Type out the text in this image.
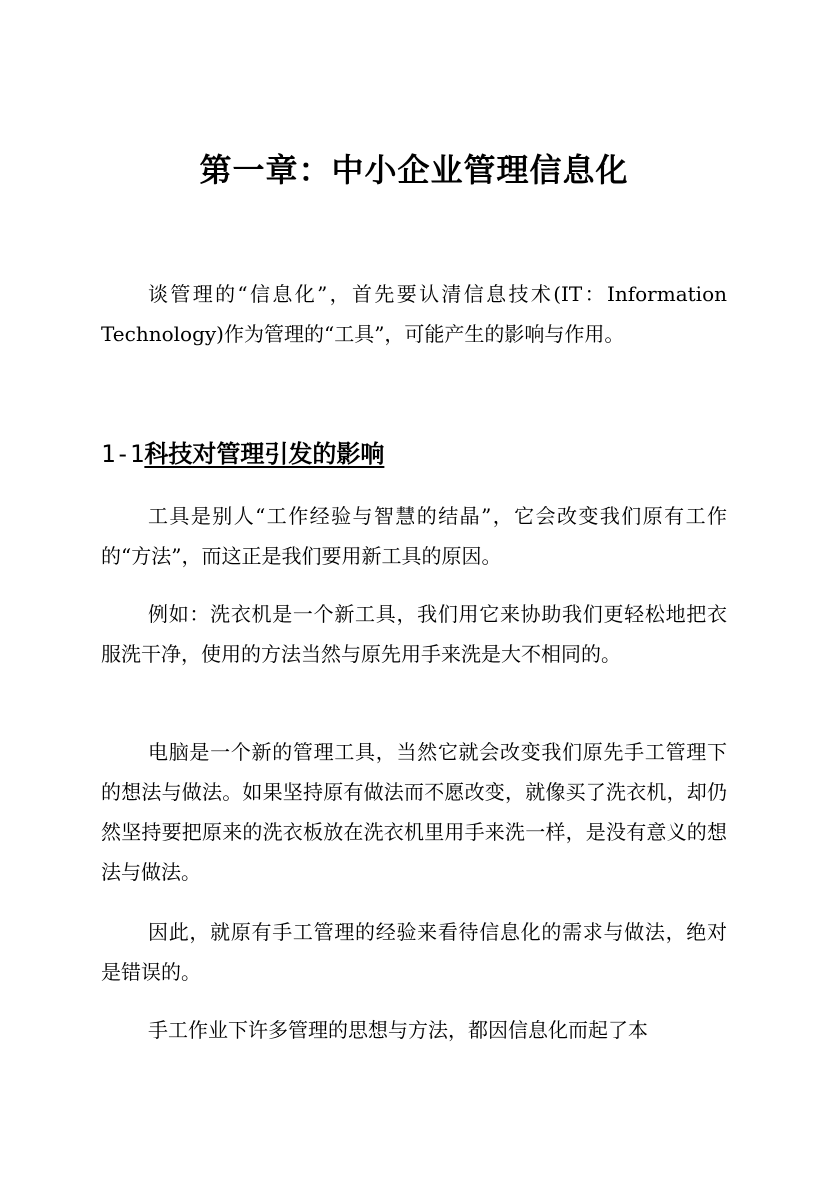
第一章：中小企业管理信息化

谈管理的“信息化”，首先要认清信息技术(IT：Information Technology)作为管理的“工具”，可能产生的影响与作用。

1-1科技对管理引发的影响

工具是别人“工作经验与智慧的结晶”，它会改变我们原有工作的“方法”，而这正是我们要用新工具的原因。

例如：洗衣机是一个新工具，我们用它来协助我们更轻松地把衣服洗干净，使用的方法当然与原先用手来洗是大不相同的。

电脑是一个新的管理工具，当然它就会改变我们原先手工管理下的想法与做法。如果坚持原有做法而不愿改变，就像买了洗衣机，却仍然坚持要把原来的洗衣板放在洗衣机里用手来洗一样，是没有意义的想法与做法。

因此，就原有手工管理的经验来看待信息化的需求与做法，绝对是错误的。

手工作业下许多管理的思想与方法，都因信息化而起了本
